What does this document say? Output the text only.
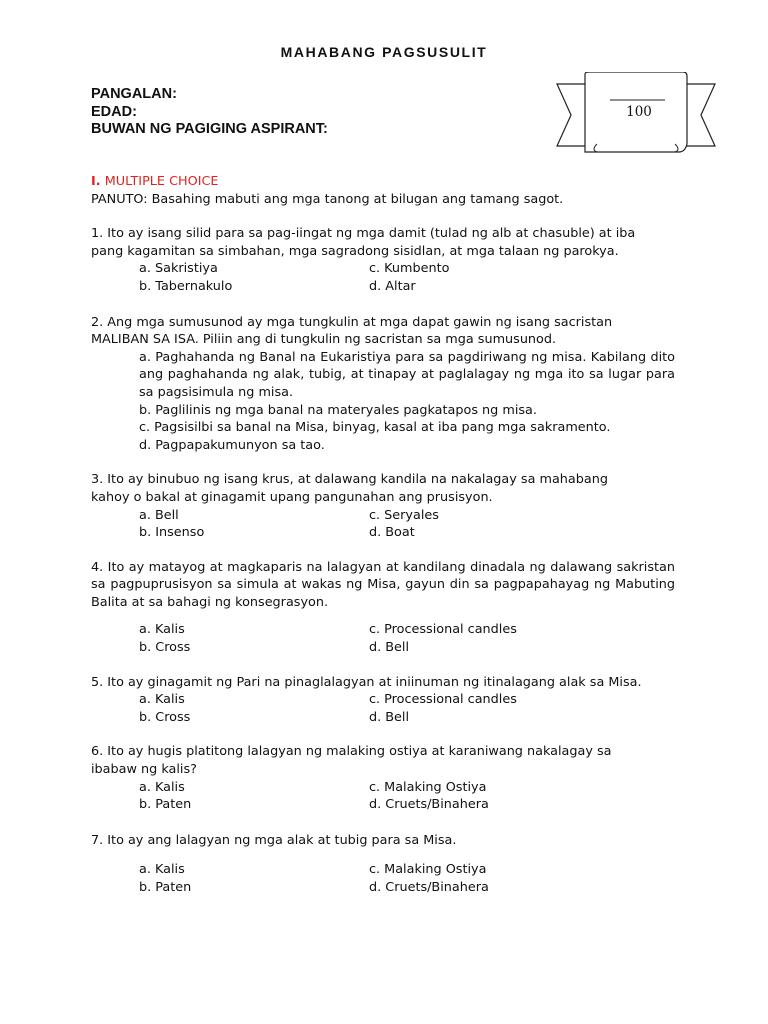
MAHABANG PAGSUSULIT
PANGALAN:
EDAD:
BUWAN NG PAGIGING ASPIRANT:
100
I. MULTIPLE CHOICE
PANUTO: Basahing mabuti ang mga tanong at bilugan ang tamang sagot.
1. Ito ay isang silid para sa pag-iingat ng mga damit (tulad ng alb at chasuble) at iba
pang kagamitan sa simbahan, mga sagradong sisidlan, at mga talaan ng parokya.
a. Sakristiya	c. Kumbento
b. Tabernakulo	d. Altar
2. Ang mga sumusunod ay mga tungkulin at mga dapat gawin ng isang sacristan
MALIBAN SA ISA. Piliin ang di tungkulin ng sacristan sa mga sumusunod.
a. Paghahanda ng Banal na Eukaristiya para sa pagdiriwang ng misa. Kabilang dito ang paghahanda ng alak, tubig, at tinapay at paglalagay ng mga ito sa lugar para sa pagsisimula ng misa.
b. Paglilinis ng mga banal na materyales pagkatapos ng misa.
c. Pagsisilbi sa banal na Misa, binyag, kasal at iba pang mga sakramento.
d. Pagpapakumunyon sa tao.
3. Ito ay binubuo ng isang krus, at dalawang kandila na nakalagay sa mahabang
kahoy o bakal at ginagamit upang pangunahan ang prusisyon.
a. Bell	c. Seryales
b. Insenso	d. Boat
4. Ito ay matayog at magkaparis na lalagyan at kandilang dinadala ng dalawang sakristan sa pagpuprusisyon sa simula at wakas ng Misa, gayun din sa pagpapahayag ng Mabuting Balita at sa bahagi ng konsegrasyon.
a. Kalis	c. Processional candles
b. Cross	d. Bell
5. Ito ay ginagamit ng Pari na pinaglalagyan at iniinuman ng itinalagang alak sa Misa.
a. Kalis	c. Processional candles
b. Cross	d. Bell
6. Ito ay hugis platitong lalagyan ng malaking ostiya at karaniwang nakalagay sa
ibabaw ng kalis?
a. Kalis	c. Malaking Ostiya
b. Paten	d. Cruets/Binahera
7. Ito ay ang lalagyan ng mga alak at tubig para sa Misa.
a. Kalis	c. Malaking Ostiya
b. Paten	d. Cruets/Binahera
